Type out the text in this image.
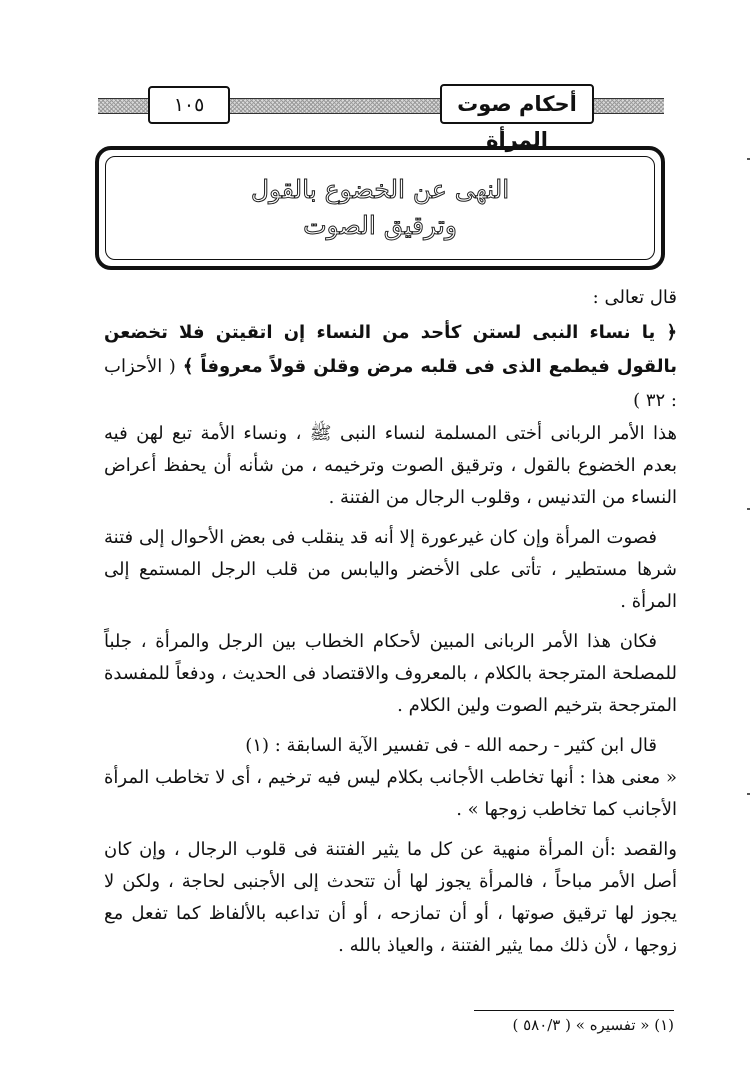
أحكام صوت المرأة
١٠٥
النهى عن الخضوع بالقول
وترقيق الصوت

قال تعالى :

﴿ يا نساء النبى لستن كأحد من النساء إن اتقيتن فلا تخضعن بالقول فيطمع الذى فى قلبه مرض وقلن قولاً معروفاً ﴾ ( الأحزاب : ٣٢ )

هذا الأمر الربانى أختى المسلمة لنساء النبى ﷺ ، ونساء الأمة تبع لهن فيه بعدم الخضوع بالقول ، وترقيق الصوت وترخيمه ، من شأنه أن يحفظ أعراض النساء من التدنيس ، وقلوب الرجال من الفتنة .

فصوت المرأة وإن كان غيرعورة إلا أنه قد ينقلب فى بعض الأحوال إلى فتنة شرها مستطير ، تأتى على الأخضر واليابس من قلب الرجل المستمع إلى المرأة .

فكان هذا الأمر الربانى المبين لأحكام الخطاب بين الرجل والمرأة ، جلباً للمصلحة المترجحة بالكلام ، بالمعروف والاقتصاد فى الحديث ، ودفعاً للمفسدة المترجحة بترخيم الصوت ولين الكلام .

قال ابن كثير - رحمه الله - فى تفسير الآية السابقة : (١)

« معنى هذا : أنها تخاطب الأجانب بكلام ليس فيه ترخيم ، أى لا تخاطب المرأة الأجانب كما تخاطب زوجها » .

والقصد :أن المرأة منهية عن كل ما يثير الفتنة فى قلوب الرجال ، وإن كان أصل الأمر مباحاً ، فالمرأة يجوز لها أن تتحدث إلى الأجنبى لحاجة ، ولكن لا يجوز لها ترقيق صوتها ، أو أن تمازحه ، أو أن تداعبه بالألفاظ كما تفعل مع زوجها ، لأن ذلك مما يثير الفتنة ، والعياذ بالله .

(١) « تفسيره » ( ٥٨٠/٣ )
